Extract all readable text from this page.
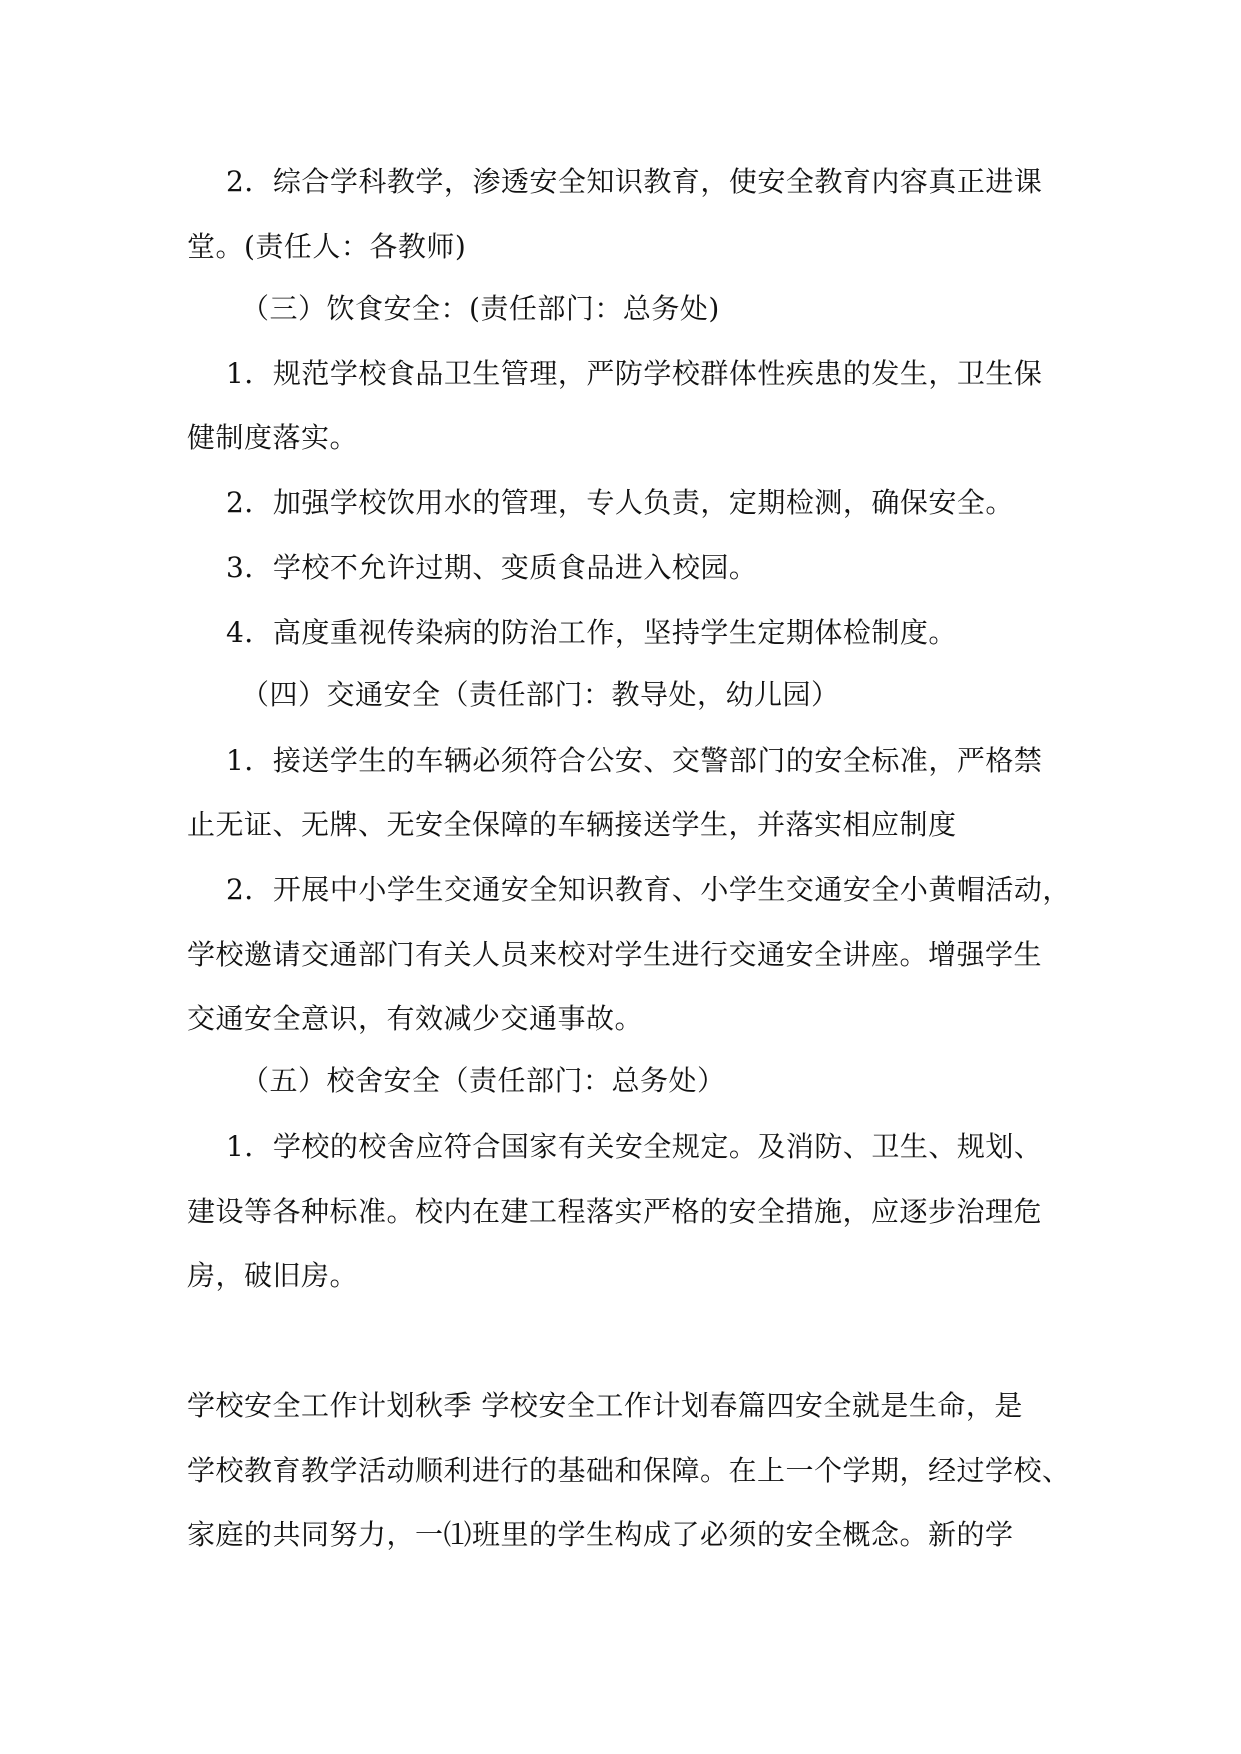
2．综合学科教学，渗透安全知识教育，使安全教育内容真正进课
堂。(责任人：各教师)
（三）饮食安全：(责任部门：总务处)
1．规范学校食品卫生管理，严防学校群体性疾患的发生，卫生保
健制度落实。
2．加强学校饮用水的管理，专人负责，定期检测，确保安全。
3．学校不允许过期、变质食品进入校园。
4．高度重视传染病的防治工作，坚持学生定期体检制度。
（四）交通安全（责任部门：教导处，幼儿园）
1．接送学生的车辆必须符合公安、交警部门的安全标准，严格禁
止无证、无牌、无安全保障的车辆接送学生，并落实相应制度
2．开展中小学生交通安全知识教育、小学生交通安全小黄帽活动，
学校邀请交通部门有关人员来校对学生进行交通安全讲座。增强学生
交通安全意识，有效减少交通事故。
（五）校舍安全（责任部门：总务处）
1．学校的校舍应符合国家有关安全规定。及消防、卫生、规划、
建设等各种标准。校内在建工程落实严格的安全措施，应逐步治理危
房，破旧房。
学校安全工作计划秋季 学校安全工作计划春篇四安全就是生命，是
学校教育教学活动顺利进行的基础和保障。在上一个学期，经过学校、
家庭的共同努力，一⑴班里的学生构成了必须的安全概念。新的学
